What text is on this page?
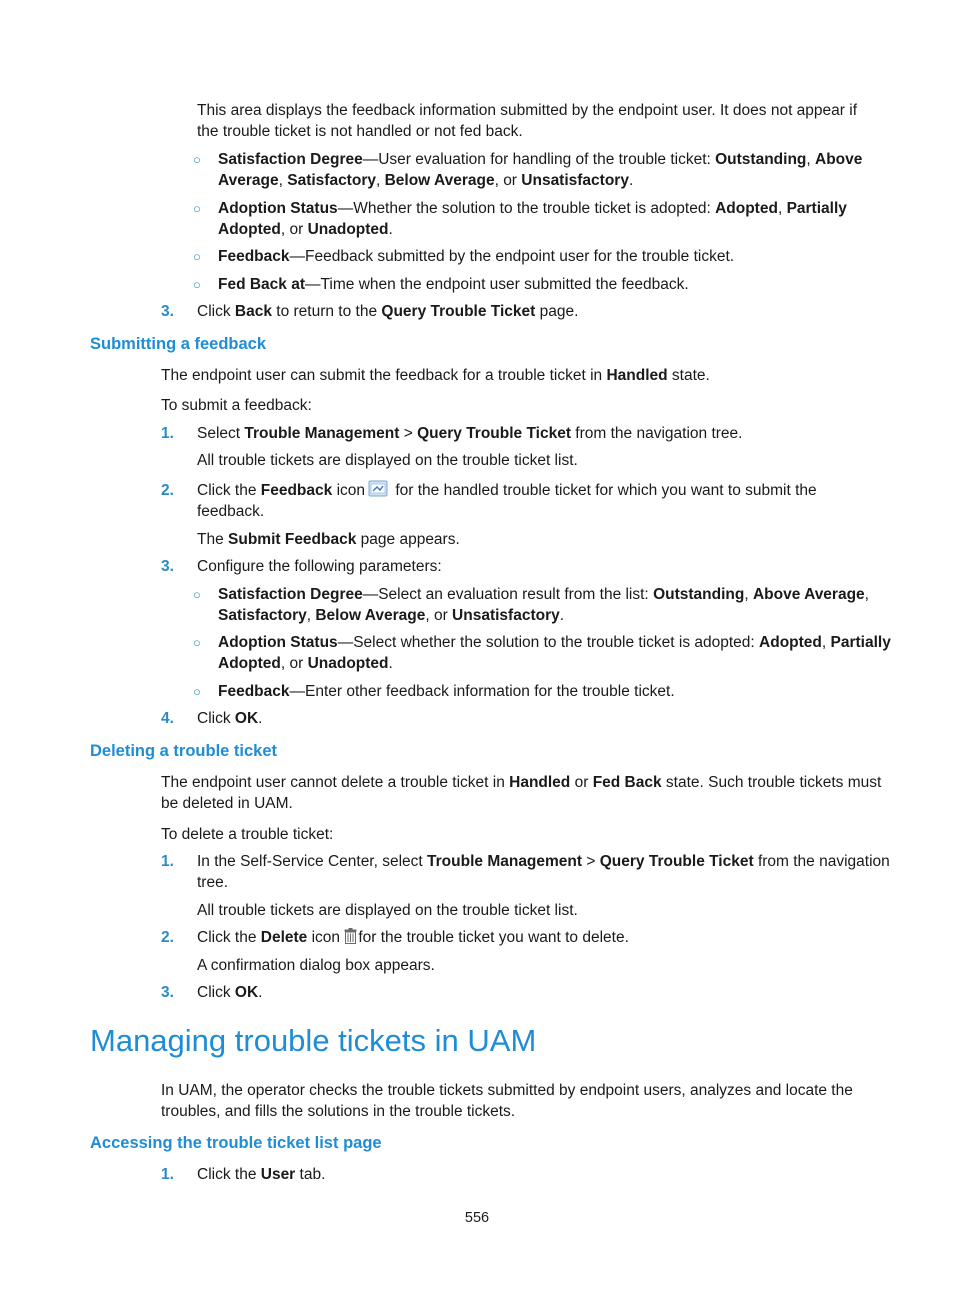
This area displays the feedback information submitted by the endpoint user. It does not appear if

the trouble ticket is not handled or not fed back.

○ Satisfaction Degree—User evaluation for handling of the trouble ticket: Outstanding, Above

Average, Satisfactory, Below Average, or Unsatisfactory.

○ Adoption Status—Whether the solution to the trouble ticket is adopted: Adopted, Partially

Adopted, or Unadopted.

○ Feedback—Feedback submitted by the endpoint user for the trouble ticket.

○ Fed Back at—Time when the endpoint user submitted the feedback.

3. Click Back to return to the Query Trouble Ticket page.

Submitting a feedback

The endpoint user can submit the feedback for a trouble ticket in Handled state.

To submit a feedback:

1. Select Trouble Management > Query Trouble Ticket from the navigation tree.

All trouble tickets are displayed on the trouble ticket list.

2. Click the Feedback icon for the handled trouble ticket for which you want to submit the

feedback.

The Submit Feedback page appears.

3. Configure the following parameters:

○ Satisfaction Degree—Select an evaluation result from the list: Outstanding, Above Average,

Satisfactory, Below Average, or Unsatisfactory.

○ Adoption Status—Select whether the solution to the trouble ticket is adopted: Adopted, Partially

Adopted, or Unadopted.

○ Feedback—Enter other feedback information for the trouble ticket.

4. Click OK.

Deleting a trouble ticket

The endpoint user cannot delete a trouble ticket in Handled or Fed Back state. Such trouble tickets must

be deleted in UAM.

To delete a trouble ticket:

1. In the Self-Service Center, select Trouble Management > Query Trouble Ticket from the navigation

tree.

All trouble tickets are displayed on the trouble ticket list.

2. Click the Delete icon for the trouble ticket you want to delete.

A confirmation dialog box appears.

3. Click OK.

Managing trouble tickets in UAM

In UAM, the operator checks the trouble tickets submitted by endpoint users, analyzes and locate the

troubles, and fills the solutions in the trouble tickets.

Accessing the trouble ticket list page
1. Click the User tab.

556
